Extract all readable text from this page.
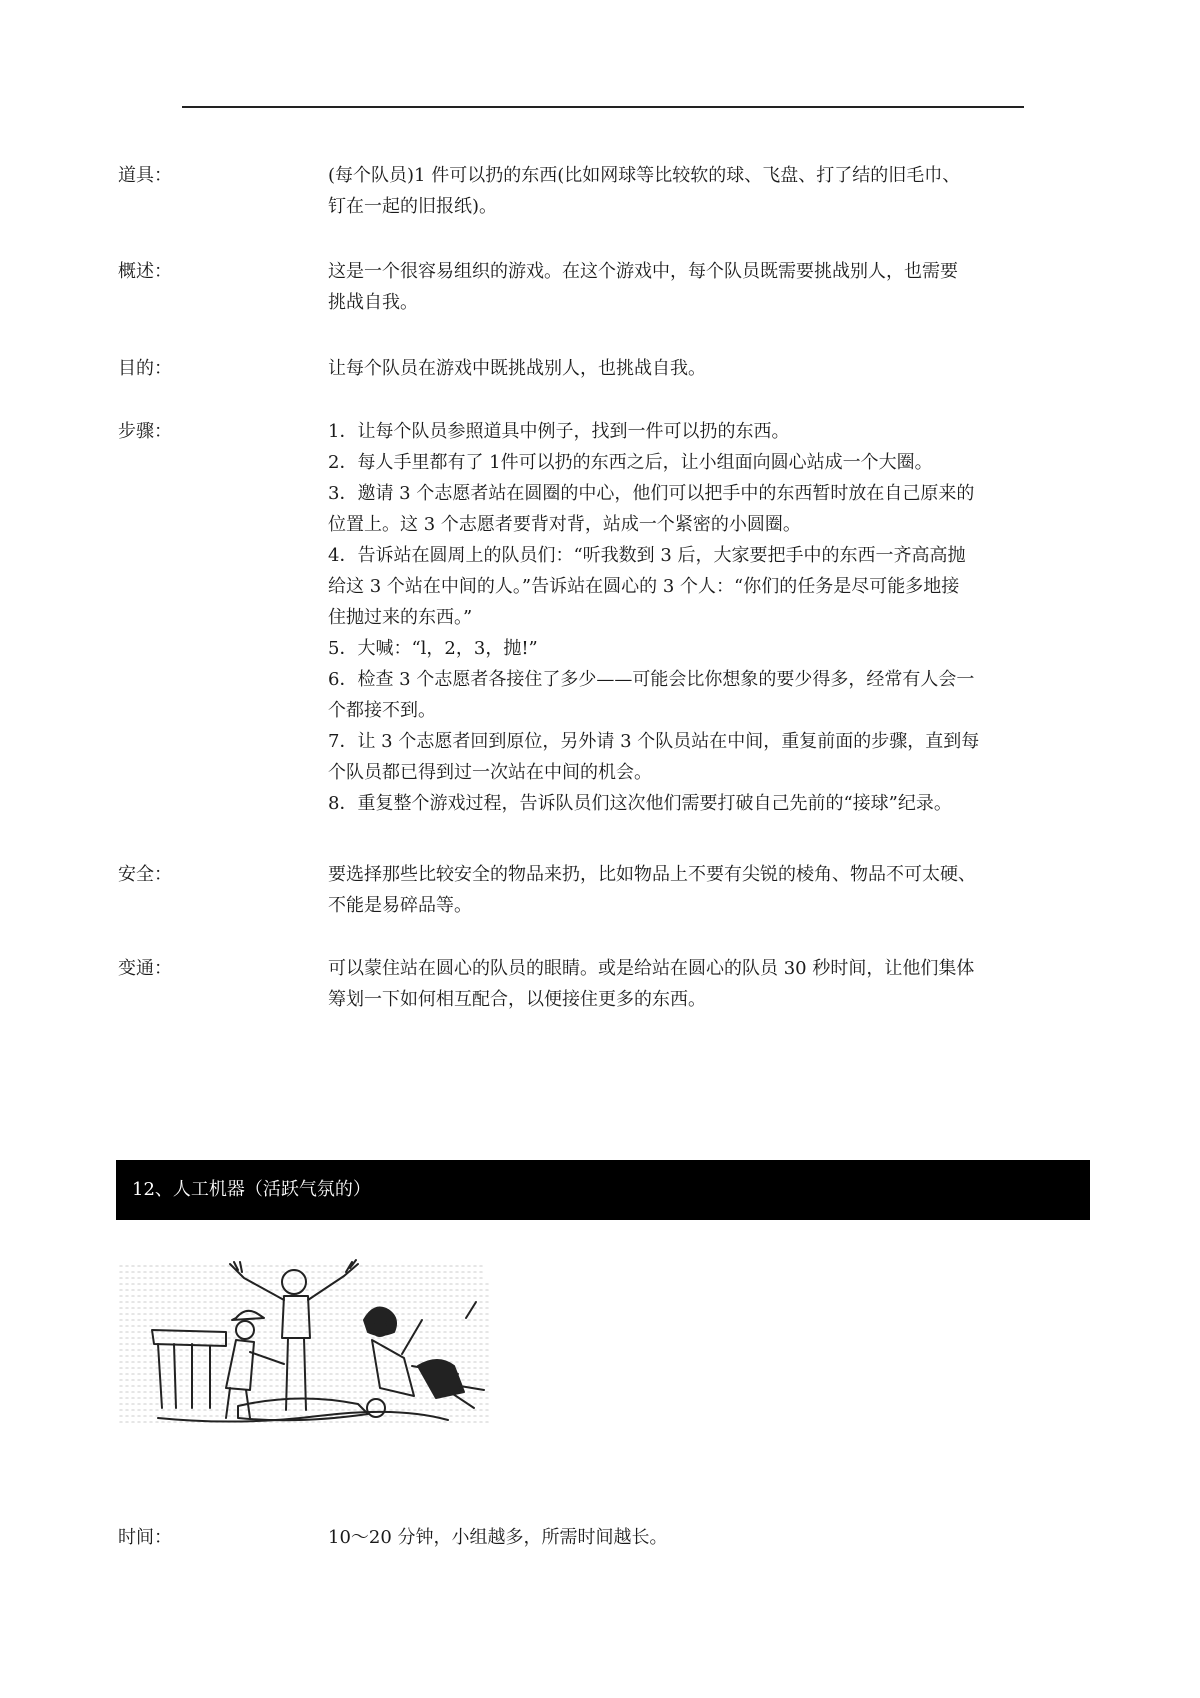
道具：	(每个队员)1 件可以扔的东西(比如网球等比较软的球、飞盘、打了结的旧毛巾、

钉在一起的旧报纸)。

概述：	这是一个很容易组织的游戏。在这个游戏中，每个队员既需要挑战别人，也需要

挑战自我。

目的：	让每个队员在游戏中既挑战别人，也挑战自我。

步骤：	1．让每个队员参照道具中例子，找到一件可以扔的东西。

2．每人手里都有了 1件可以扔的东西之后，让小组面向圆心站成一个大圈。

3．邀请 3 个志愿者站在圆圈的中心，他们可以把手中的东西暂时放在自己原来的

位置上。这 3 个志愿者要背对背，站成一个紧密的小圆圈。

4．告诉站在圆周上的队员们：“听我数到 3 后，大家要把手中的东西一齐高高抛

给这 3 个站在中间的人。”告诉站在圆心的 3 个人：“你们的任务是尽可能多地接

住抛过来的东西。”

5．大喊：“l，2，3，抛!”

6．检查 3 个志愿者各接住了多少——可能会比你想象的要少得多，经常有人会一

个都接不到。

7．让 3 个志愿者回到原位，另外请 3 个队员站在中间，重复前面的步骤，直到每

个队员都已得到过一次站在中间的机会。

8．重复整个游戏过程，告诉队员们这次他们需要打破自己先前的“接球”纪录。

安全：	要选择那些比较安全的物品来扔，比如物品上不要有尖锐的棱角、物品不可太硬、

不能是易碎品等。

变通：	可以蒙住站在圆心的队员的眼睛。或是给站在圆心的队员 30 秒时间，让他们集体

筹划一下如何相互配合，以便接住更多的东西。

12、人工机器（活跃气氛的）
时间：	10～20 分钟，小组越多，所需时间越长。
